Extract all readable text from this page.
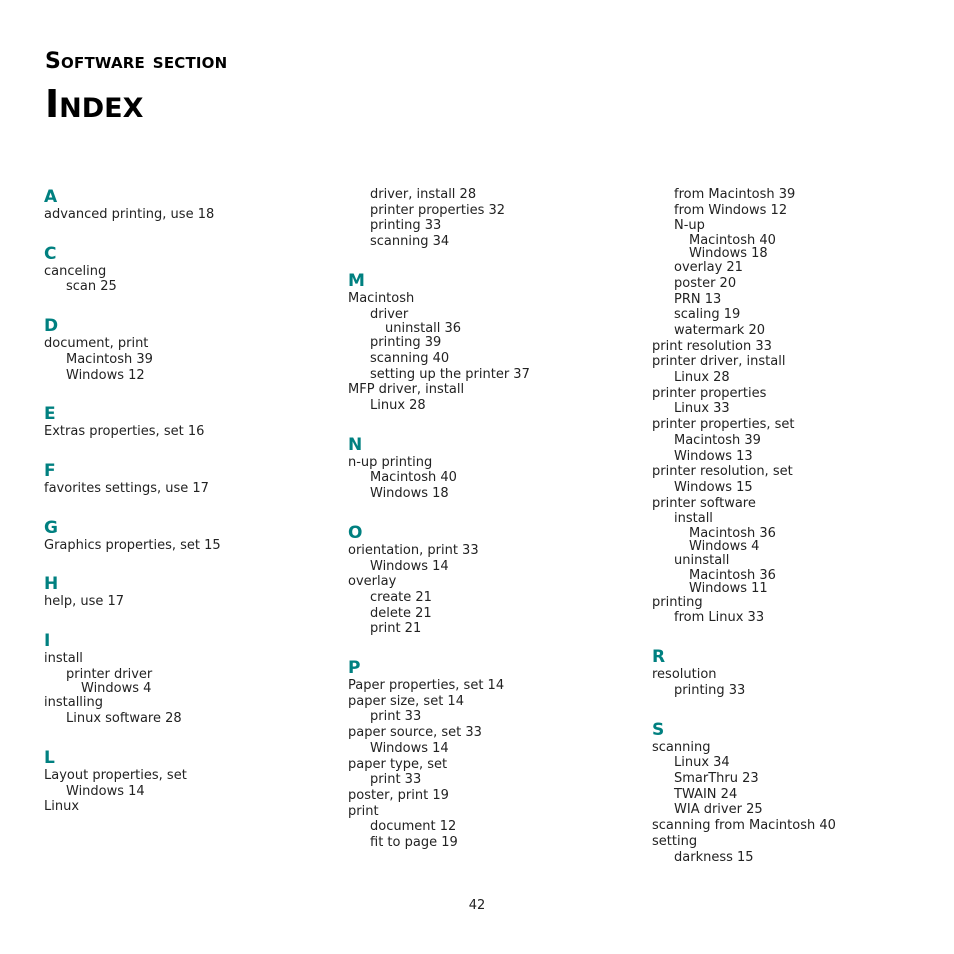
Software section
Index
A
advanced printing, use 18
C
canceling
scan 25
D
document, print
Macintosh 39
Windows 12
E
Extras properties, set 16
F
favorites settings, use 17
G
Graphics properties, set 15
H
help, use 17
I
install
printer driver
Windows 4
installing
Linux software 28
L
Layout properties, set
Windows 14
Linux
driver, install 28
printer properties 32
printing 33
scanning 34
M
Macintosh
driver
uninstall 36
printing 39
scanning 40
setting up the printer 37
MFP driver, install
Linux 28
N
n-up printing
Macintosh 40
Windows 18
O
orientation, print 33
Windows 14
overlay
create 21
delete 21
print 21
P
Paper properties, set 14
paper size, set 14
print 33
paper source, set 33
Windows 14
paper type, set
print 33
poster, print 19
print
document 12
fit to page 19
from Macintosh 39
from Windows 12
N-up
Macintosh 40
Windows 18
overlay 21
poster 20
PRN 13
scaling 19
watermark 20
print resolution 33
printer driver, install
Linux 28
printer properties
Linux 33
printer properties, set
Macintosh 39
Windows 13
printer resolution, set
Windows 15
printer software
install
Macintosh 36
Windows 4
uninstall
Macintosh 36
Windows 11
printing
from Linux 33
R
resolution
printing 33
S
scanning
Linux 34
SmarThru 23
TWAIN 24
WIA driver 25
scanning from Macintosh 40
setting
darkness 15
42
